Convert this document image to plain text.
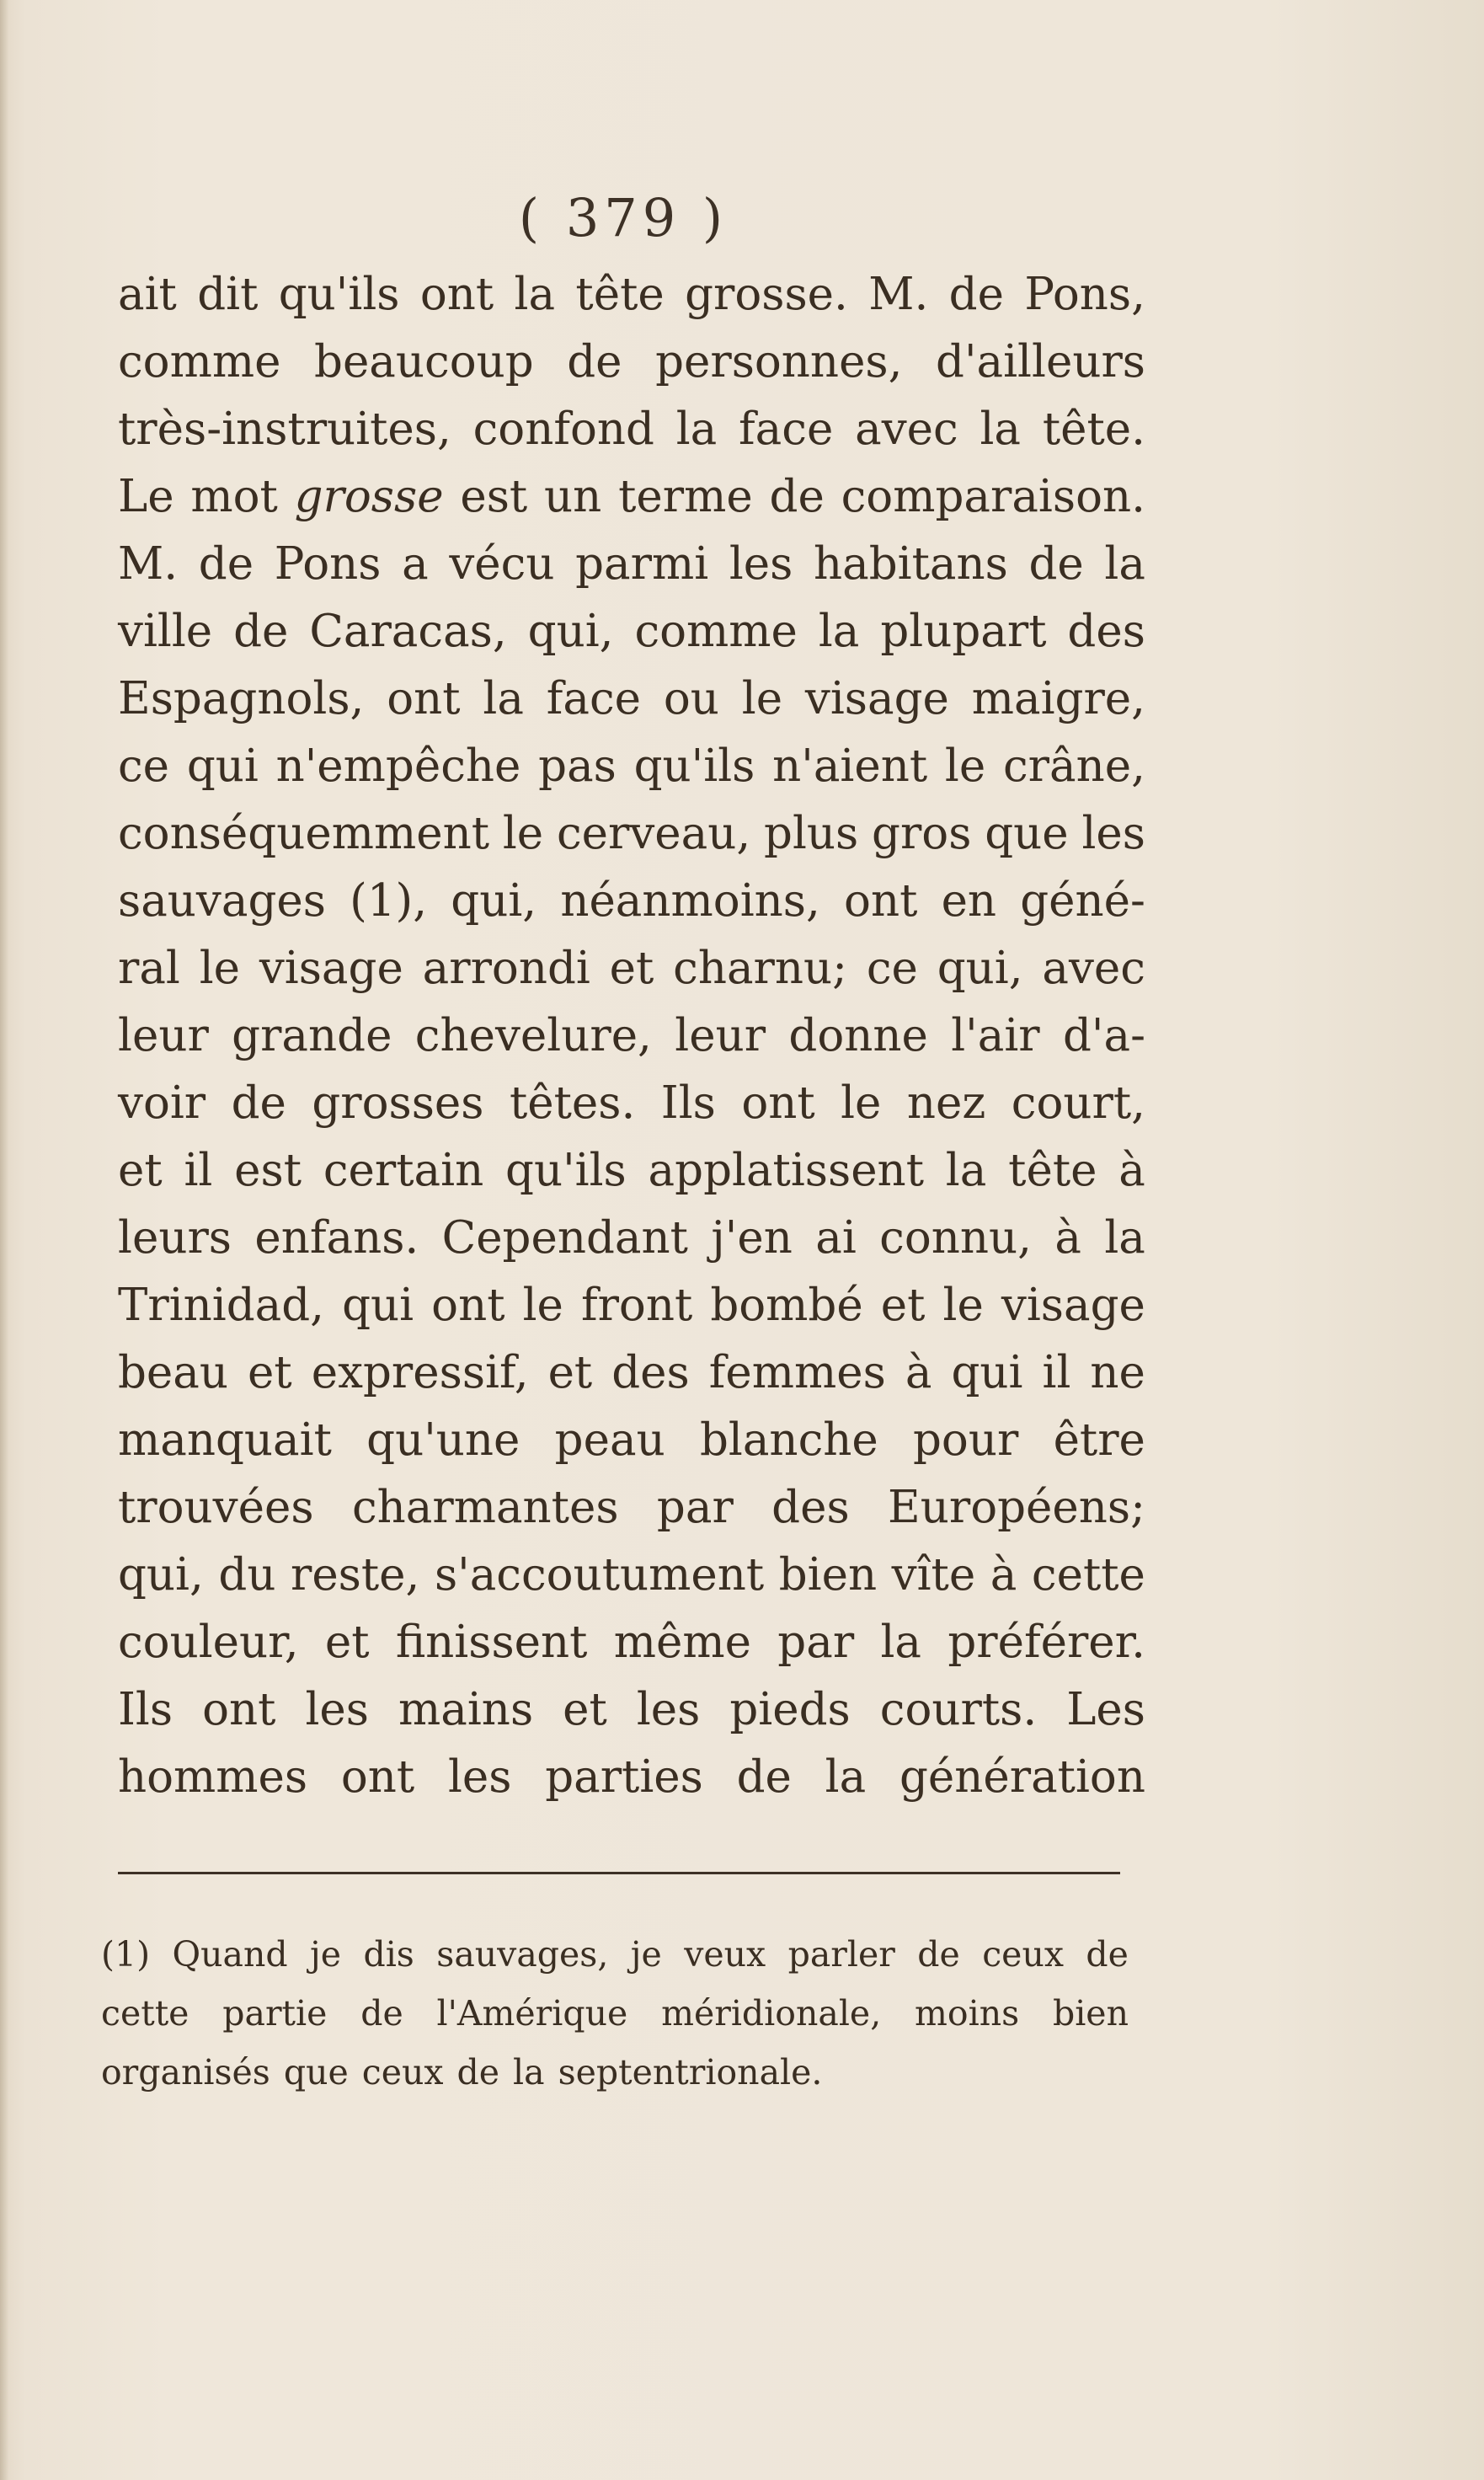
( 379 )
ait dit qu'ils ont la tête grosse. M. de Pons,
comme beaucoup de personnes, d'ailleurs
très-instruites, confond la face avec la tête.
Le mot grosse est un terme de comparaison.
M. de Pons a vécu parmi les habitans de la
ville de Caracas, qui, comme la plupart des
Espagnols, ont la face ou le visage maigre,
ce qui n'empêche pas qu'ils n'aient le crâne,
conséquemment le cerveau, plus gros que les
sauvages (1), qui, néanmoins, ont en géné-
ral le visage arrondi et charnu; ce qui, avec
leur grande chevelure, leur donne l'air d'a-
voir de grosses têtes. Ils ont le nez court,
et il est certain qu'ils applatissent la tête à
leurs enfans. Cependant j'en ai connu, à la
Trinidad, qui ont le front bombé et le visage
beau et expressif, et des femmes à qui il ne
manquait qu'une peau blanche pour être
trouvées charmantes par des Européens;
qui, du reste, s'accoutument bien vîte à cette
couleur, et finissent même par la préférer.
Ils ont les mains et les pieds courts. Les
hommes ont les parties de la génération
(1) Quand je dis sauvages, je veux parler de ceux de
cette partie de l'Amérique méridionale, moins bien
organisés que ceux de la septentrionale.
